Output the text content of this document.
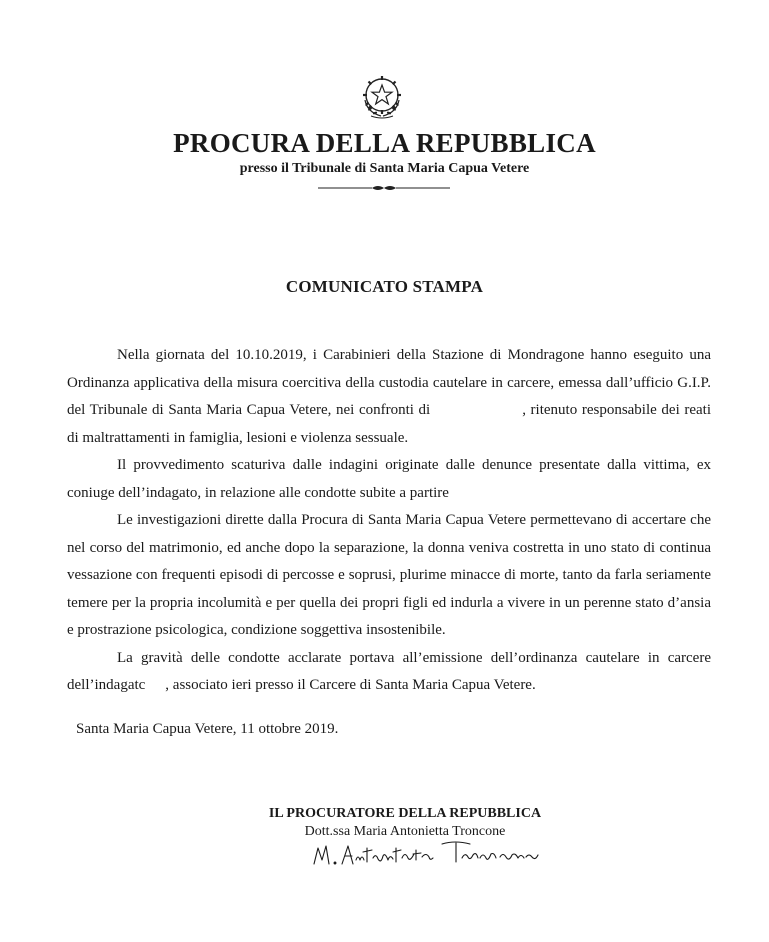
PROCURA DELLA REPUBBLICA
presso il Tribunale di Santa Maria Capua Vetere
COMUNICATO STAMPA

Nella giornata del 10.10.2019, i Carabinieri della Stazione di Mondragone hanno eseguito una Ordinanza applicativa della misura coercitiva della custodia cautelare in carcere, emessa dall’ufficio G.I.P. del Tribunale di Santa Maria Capua Vetere, nei confronti di	, ritenuto responsabile dei reati di maltrattamenti in famiglia, lesioni e violenza sessuale.

Il provvedimento scaturiva dalle indagini originate dalle denunce presentate dalla vittima, ex coniuge dell’indagato, in relazione alle condotte subite a partire

Le investigazioni dirette dalla Procura di Santa Maria Capua Vetere permettevano di accertare che nel corso del matrimonio, ed anche dopo la separazione, la donna veniva costretta in uno stato di continua vessazione con frequenti episodi di percosse e soprusi, plurime minacce di morte, tanto da farla seriamente temere per la propria incolumità e per quella dei propri figli ed indurla a vivere in un perenne stato d’ansia e prostrazione psicologica, condizione soggettiva insostenibile.

La gravità delle condotte acclarate portava all’emissione dell’ordinanza cautelare in carcere dell’indagatc , associato ieri presso il Carcere di Santa Maria Capua Vetere.

Santa Maria Capua Vetere, 11 ottobre 2019.
IL PROCURATORE DELLA REPUBBLICA
Dott.ssa Maria Antonietta Troncone
